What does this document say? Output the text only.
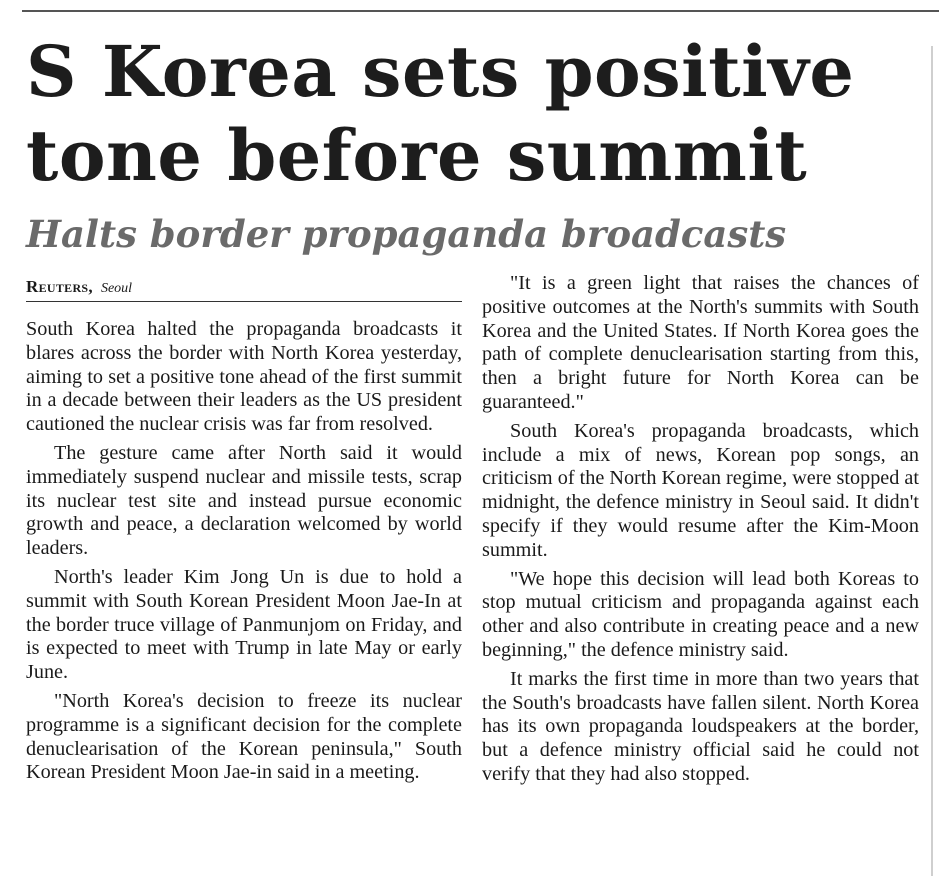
S Korea sets positive
tone before summit
Halts border propaganda broadcasts
Reuters, Seoul

South Korea halted the propaganda broadcasts it blares across the border with North Korea yesterday, aiming to set a positive tone ahead of the first summit in a decade between their leaders as the US president cautioned the nuclear crisis was far from resolved.

The gesture came after North said it would immediately suspend nuclear and missile tests, scrap its nuclear test site and instead pursue economic growth and peace, a declaration welcomed by world leaders.

North's leader Kim Jong Un is due to hold a summit with South Korean President Moon Jae-In at the border truce village of Panmunjom on Friday, and is expected to meet with Trump in late May or early June.

"North Korea's decision to freeze its nuclear programme is a significant decision for the complete denuclearisation of the Korean peninsula," South Korean President Moon Jae-in said in a meeting.

"It is a green light that raises the chances of positive outcomes at the North's summits with South Korea and the United States. If North Korea goes the path of complete denuclearisation starting from this, then a bright future for North Korea can be guaranteed."

South Korea's propaganda broadcasts, which include a mix of news, Korean pop songs, an criticism of the North Korean regime, were stopped at midnight, the defence ministry in Seoul said. It didn't specify if they would resume after the Kim-Moon summit.

"We hope this decision will lead both Koreas to stop mutual criticism and propaganda against each other and also contribute in creating peace and a new beginning," the defence ministry said.

It marks the first time in more than two years that the South's broadcasts have fallen silent. North Korea has its own propaganda loudspeakers at the border, but a defence ministry official said he could not verify that they had also stopped.
